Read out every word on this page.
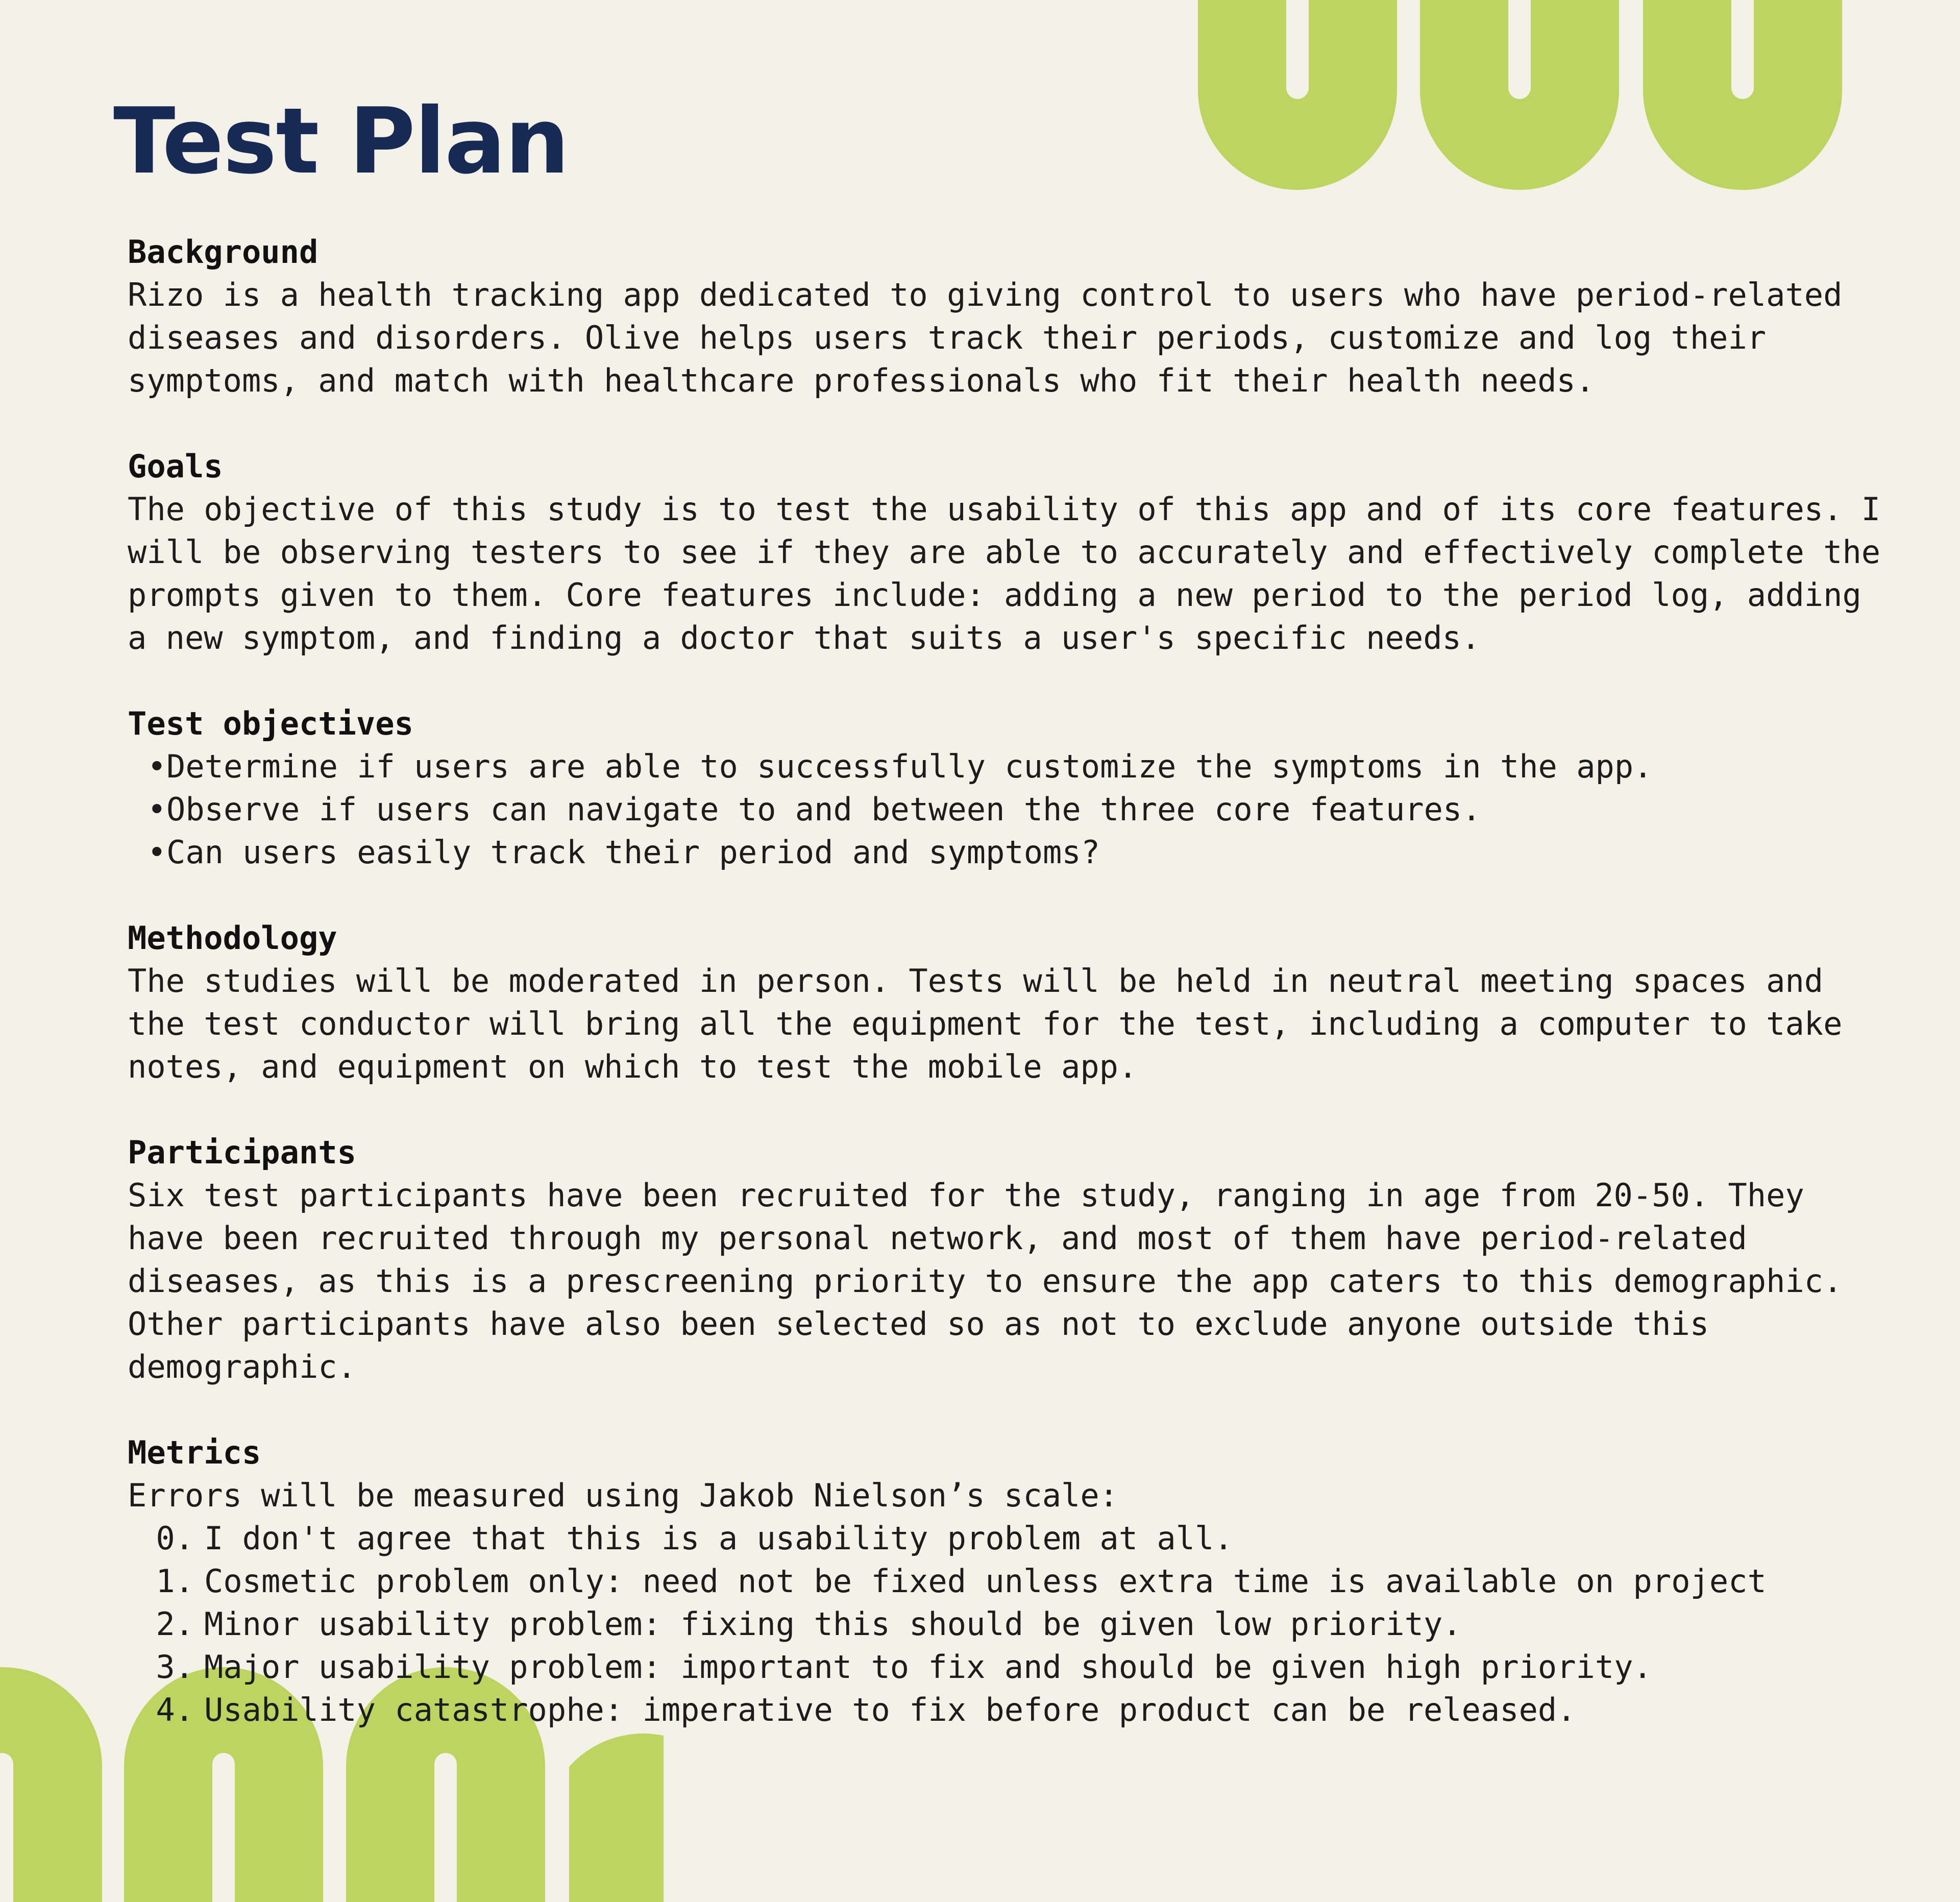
Test Plan
Background

Rizo is a health tracking app dedicated to giving control to users who have period-related diseases and disorders. Olive helps users track their periods, customize and log their symptoms, and match with healthcare professionals who fit their health needs.

Goals

The objective of this study is to test the usability of this app and of its core features. I will be observing testers to see if they are able to accurately and effectively complete the prompts given to them. Core features include: adding a new period to the period log, adding a new symptom, and finding a doctor that suits a user's specific needs.

Test objectives
• Determine if users are able to successfully customize the symptoms in the app.
• Observe if users can navigate to and between the three core features.
• Can users easily track their period and symptoms?
Methodology

The studies will be moderated in person. Tests will be held in neutral meeting spaces and the test conductor will bring all the equipment for the test, including a computer to take notes, and equipment on which to test the mobile app.

Participants

Six test participants have been recruited for the study, ranging in age from 20-50. They have been recruited through my personal network, and most of them have period-related diseases, as this is a prescreening priority to ensure the app caters to this demographic. Other participants have also been selected so as not to exclude anyone outside this demographic.

Metrics

Errors will be measured using Jakob Nielson’s scale:

0. I don't agree that this is a usability problem at all.
1. Cosmetic problem only: need not be fixed unless extra time is available on project
2. Minor usability problem: fixing this should be given low priority.
3. Major usability problem: important to fix and should be given high priority.
4. Usability catastrophe: imperative to fix before product can be released.
